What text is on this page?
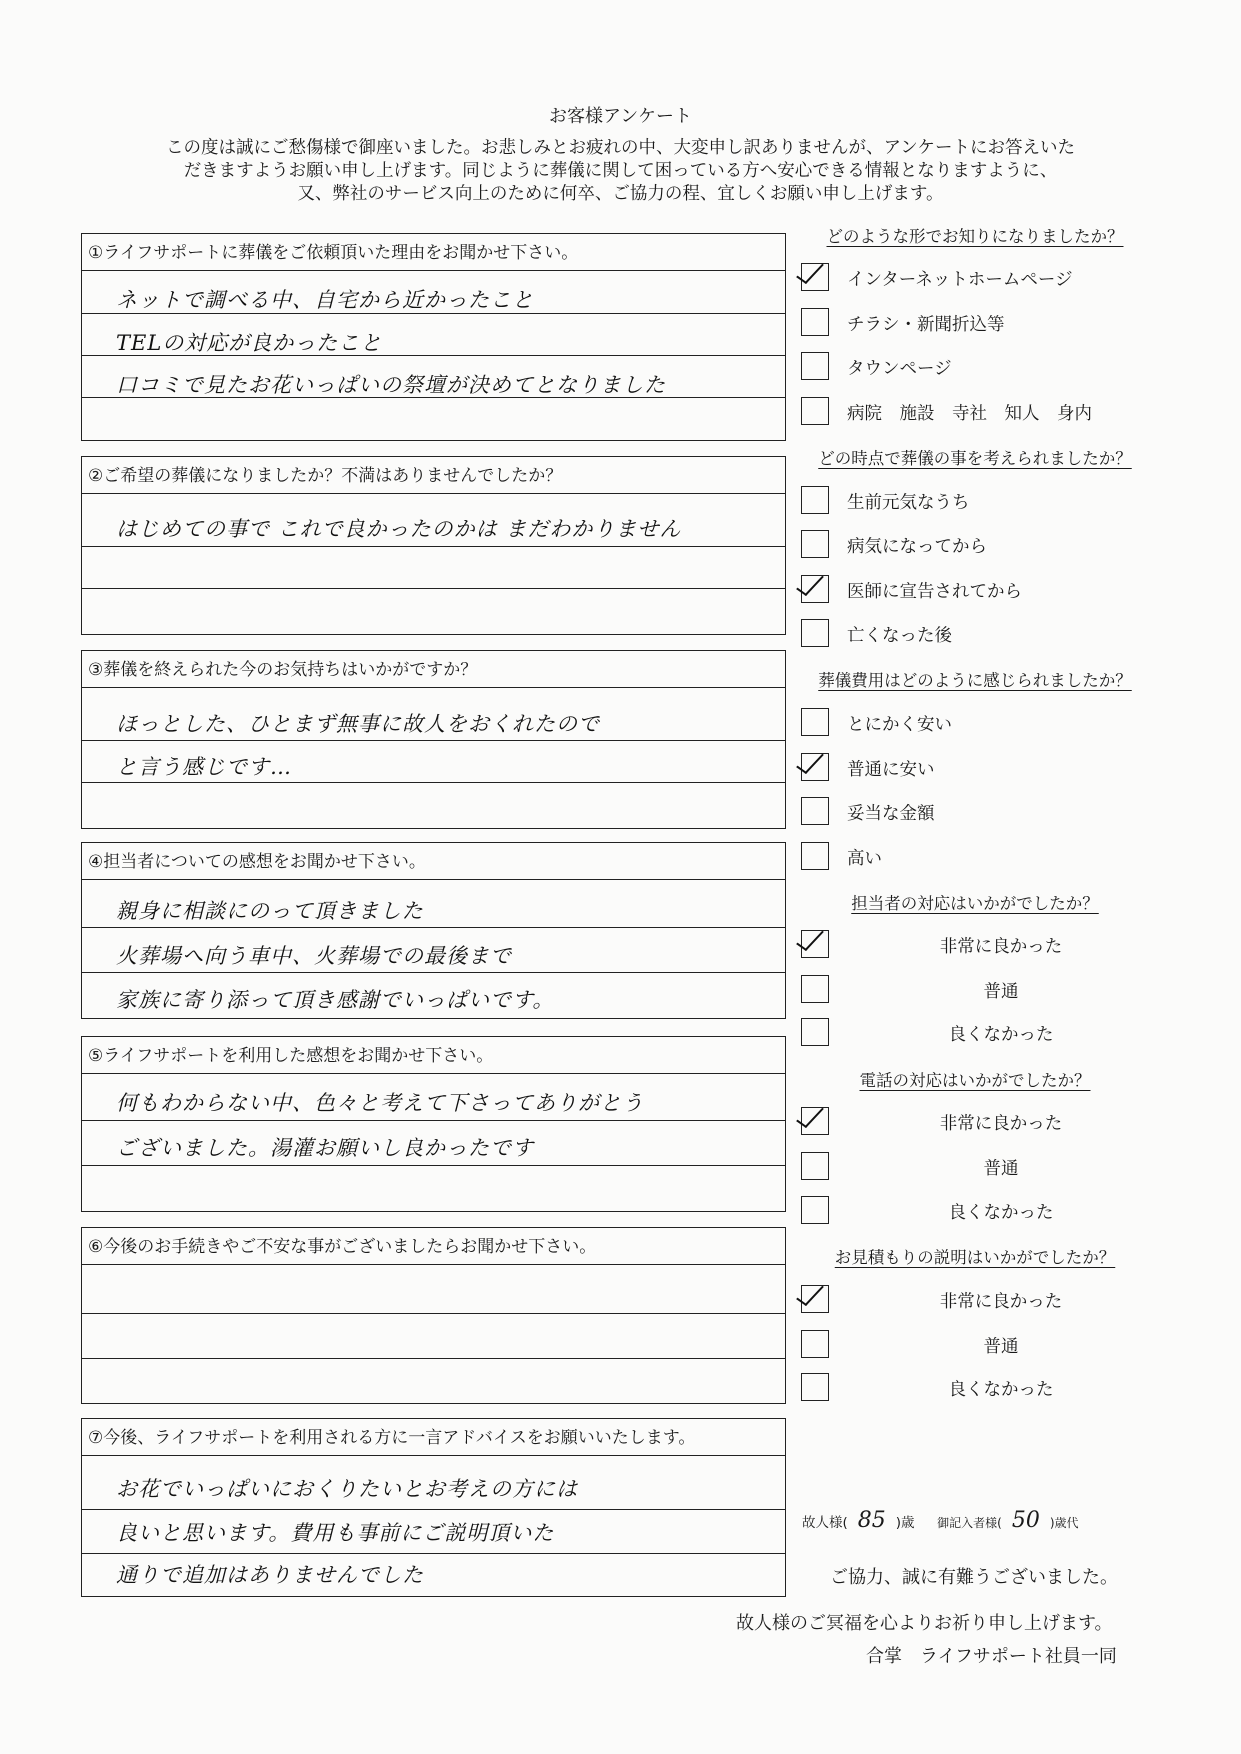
お客様アンケート
この度は誠にご愁傷様で御座いました。お悲しみとお疲れの中、大変申し訳ありませんが、アンケートにお答えいた
だきますようお願い申し上げます。同じように葬儀に関して困っている方へ安心できる情報となりますように、
又、弊社のサービス向上のために何卒、ご協力の程、宜しくお願い申し上げます。
①ライフサポートに葬儀をご依頼頂いた理由をお聞かせ下さい。
ネットで調べる中、自宅から近かったこと
TELの対応が良かったこと
口コミで見たお花いっぱいの祭壇が決めてとなりました
②ご希望の葬儀になりましたか？不満はありませんでしたか？
はじめての事で これで良かったのかは まだわかりません
③葬儀を終えられた今のお気持ちはいかがですか？
ほっとした、ひとまず無事に故人をおくれたので
と言う感じです…
④担当者についての感想をお聞かせ下さい。
親身に相談にのって頂きました
火葬場へ向う車中、火葬場での最後まで
家族に寄り添って頂き感謝でいっぱいです。
⑤ライフサポートを利用した感想をお聞かせ下さい。
何もわからない中、色々と考えて下さってありがとう
ございました。湯灌お願いし良かったです
⑥今後のお手続きやご不安な事がございましたらお聞かせ下さい。
⑦今後、ライフサポートを利用される方に一言アドバイスをお願いいたします。
お花でいっぱいにおくりたいとお考えの方には
良いと思います。費用も事前にご説明頂いた
通りで追加はありませんでした
どのような形でお知りになりましたか？
インターネットホームページ
チラシ・新聞折込等
タウンページ
病院　施設　寺社　知人　身内
どの時点で葬儀の事を考えられましたか？
生前元気なうち
病気になってから
医師に宣告されてから
亡くなった後
葬儀費用はどのように感じられましたか？
とにかく安い
普通に安い
妥当な金額
高い
担当者の対応はいかがでしたか？
非常に良かった
普通
良くなかった
電話の対応はいかがでしたか？
非常に良かった
普通
良くなかった
お見積もりの説明はいかがでしたか？
非常に良かった
普通
良くなかった
故人様( 85 )歳 御記入者様( 50 )歳代
ご協力、誠に有難うございました。
故人様のご冥福を心よりお祈り申し上げます。
合掌　ライフサポート社員一同
